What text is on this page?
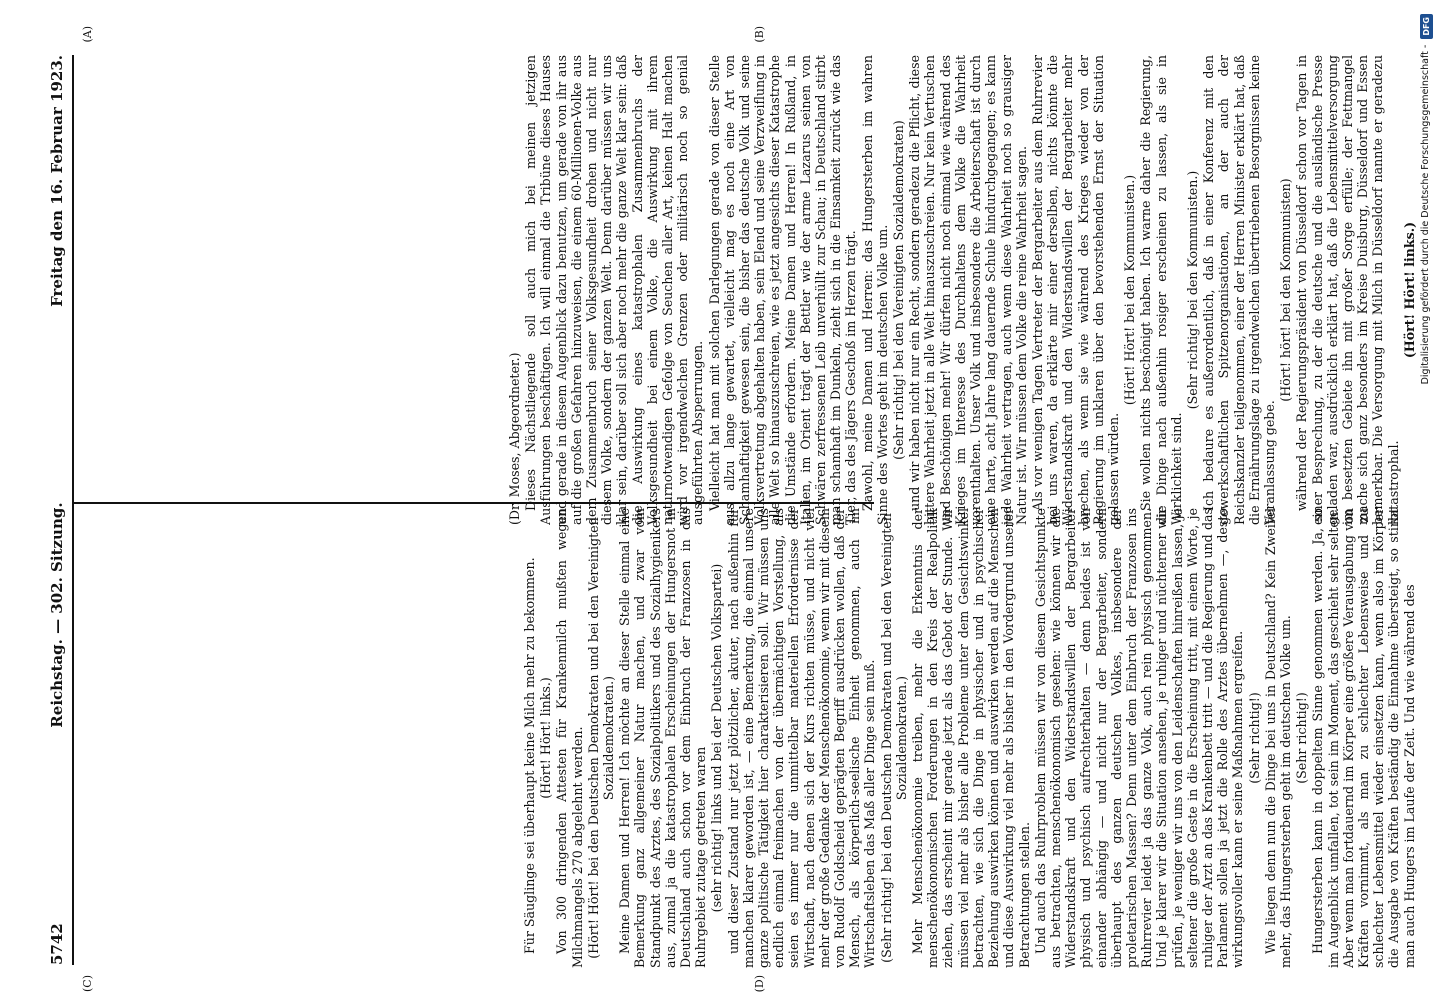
5742
Reichstag. — 302. Sitzung.
Freitag den 16. Februar 1923.
(A)	(B)
(C)	(D)

(Dr. Moses, Abgeordneter.) Dieses Nächstliegende soll auch mich bei meinen jetzigen Ausführungen beschäftigen. Ich will einmal die Tribüne dieses Hauses und gerade in diesem Augenblick dazu benutzen, um gerade von ihr aus auf die großen Gefahren hinzuweisen, die einem 60-Millionen-Volke aus dem Zusammenbruch seiner Volksgesundheit drohen und nicht nur diesem Volke, sondern der ganzen Welt. Denn darüber müssen wir uns klar sein, darüber soll sich aber noch mehr die ganze Welt klar sein: daß die Auswirkung eines katastrophalen Zusammenbruchs der Volksgesundheit bei einem Volke, die Auswirkung mit ihrem naturnotwendigen Gefolge von Seuchen aller Art, keinen Halt machen wird vor irgendwelchen Grenzen oder militärisch noch so genial ausgeführten Absperrungen. Vielleicht hat man mit solchen Darlegungen gerade von dieser Stelle aus allzu lange gewartet, vielleicht mag es noch eine Art von Schamhaftigkeit gewesen sein, die bisher das deutsche Volk und seine Volksvertretung abgehalten haben, sein Elend und seine Verzweiflung in alle Welt so hinauszuschreien, wie es jetzt angesichts dieser Katastrophe die Umstände erfordern. Meine Damen und Herren! In Rußland, in Italien, im Orient trägt der Bettler wie der arme Lazarus seinen von Schwären zerfressenen Leib unverhüllt zur Schau; in Deutschland stirbt man schamhaft im Dunkeln, zieht sich in die Einsamkeit zurück wie das Tier, das des Jägers Geschoß im Herzen trägt. Zawohl, meine Damen und Herren: das Hungersterben im wahren Sinne des Wortes geht im deutschen Volke um. (Sehr richtig! bei den Vereinigten Sozialdemokraten) und wir haben nicht nur ein Recht, sondern geradezu die Pflicht, diese bittere Wahrheit jetzt in alle Welt hinauszuschreien. Nur kein Vertuschen und Beschönigen mehr! Wir dürfen nicht noch einmal wie während des Krieges im Interesse des Durchhaltens dem Volke die Wahrheit vorenthalten. Unser Volk und insbesondere die Arbeiterschaft ist durch eine harte, acht Jahre lang dauernde Schule hindurchgegangen; es kann jede Wahrheit vertragen, auch wenn diese Wahrheit noch so grausiger Natur ist. Wir müssen dem Volke die reine Wahrheit sagen. Als vor wenigen Tagen Vertreter der Bergarbeiter aus dem Ruhrrevier bei uns waren, da erklärte mir einer derselben, nichts könnte die Widerstandskraft und den Widerstandswillen der Bergarbeiter mehr brechen, als wenn sie wie während des Krieges wieder von der Regierung im unklaren über den bevorstehenden Ernst der Situation gelassen würden.

(Hört! Hört! bei den Kommunisten.) Sie wollen nichts beschönigt haben. Ich warne daher die Regierung, die Dinge nach außenhin rosiger erscheinen zu lassen, als sie in Wirklichkeit sind.

(Sehr richtig! bei den Kommunisten.) Ich bedaure es außerordentlich, daß in einer Konferenz mit den gewerkschaftlichen Spitzenorganisationen, an der auch der Reichskanzler teilgenommen, einer der Herren Minister erklärt hat, daß die Ernährungslage zu irgendwelchen übertriebenen Besorgnissen keine Veranlassung gebe.

(Hört! hört! bei den Kommunisten) während der Regierungspräsident von Düsseldorf schon vor Tagen in einer Besprechung, zu der die deutsche und die ausländische Presse geladen war, ausdrücklich erklärt hat, daß die Lebensmittelversorgung im besetzten Gebiete ihn mit großer Sorge erfülle; der Fettmangel mache sich ganz besonders im Kreise Duisburg, Düsseldorf und Essen bemerkbar. Die Versorgung mit Milch in Düsseldorf nannte er geradezu katastrophal.

(Hört! Hört! links.)

Für Säuglinge sei überhaupt keine Milch mehr zu bekommen. (Hört! Hört! links.) Von 300 dringenden Attesten für Krankenmilch mußten wegen Milchmangels 270 abgelehnt werden. (Hört! Hört! bei den Deutschen Demokraten und bei den Vereinigten Sozialdemokraten.) Meine Damen und Herren! Ich möchte an dieser Stelle einmal eine Bemerkung ganz allgemeiner Natur machen, und zwar vom Standpunkt des Arztes, des Sozialpolitikers und des Sozialhygienikers aus, zumal ja die katastrophalen Erscheinungen der Hungersnot in Deutschland auch schon vor dem Einbruch der Franzosen in das Ruhrgebiet zutage getreten waren (sehr richtig! links und bei der Deutschen Volkspartei) und dieser Zustand nur jetzt plötzlicher, akuter, nach außenhin für manchen klarer geworden ist, — eine Bemerkung, die einmal unsere ganze politische Tätigkeit hier charakterisieren soll. Wir müssen uns endlich einmal freimachen von der übermächtigen Vorstellung, als seien es immer nur die unmittelbar materiellen Erfordernisse der Wirtschaft, nach denen sich der Kurs richten müsse, und nicht viel mehr der große Gedanke der Menschenökonomie, wenn wir mit diesem von Rudolf Goldscheid geprägten Begriff ausdrücken wollen, daß der Mensch, als körperlich-seelische Einheit genommen, auch im Wirtschaftsleben das Maß aller Dinge sein muß. (Sehr richtig! bei den Deutschen Demokraten und bei den Vereinigten Sozialdemokraten.) Mehr Menschenökonomie treiben, mehr die Erkenntnis der menschenökonomischen Forderungen in den Kreis der Realpolitik ziehen, das erscheint mir gerade jetzt als das Gebot der Stunde. Wir müssen viel mehr als bisher alle Probleme unter dem Gesichtswinkel betrachten, wie sich die Dinge in physischer und in psychischer Beziehung auswirken können und auswirken werden auf die Menschen und diese Auswirkung viel mehr als bisher in den Vordergrund unserer Betrachtungen stellen. Und auch das Ruhrproblem müssen wir von diesem Gesichtspunkte aus betrachten, menschenökonomisch gesehen: wie können wir die Widerstandskraft und den Widerstandswillen der Bergarbeiter physisch und psychisch aufrechterhalten — denn beides ist von einander abhängig — und nicht nur der Bergarbeiter, sondern überhaupt des ganzen deutschen Volkes, insbesondere der proletarischen Massen? Denn unter dem Einbruch der Franzosen ins Ruhrrevier leidet ja das ganze Volk, auch rein physisch genommen. Und je klarer wir die Situation ansehen, je ruhiger und nüchterner wir prüfen, je weniger wir uns von den Leidenschaften hinreißen lassen, je seltener die große Geste in die Erscheinung tritt, mit einem Worte, je ruhiger der Arzt an das Krankenbett tritt — und die Regierung und das Parlament sollen ja jetzt die Rolle des Arztes übernehmen —, desto wirkungsvoller kann er seine Maßnahmen ergreifen. (Sehr richtig!) Wie liegen denn nun die Dinge bei uns in Deutschland? Kein Zweifel mehr, das Hungersterben geht im deutschen Volke um. (Sehr richtig!) Hungersterben kann in doppeltem Sinne genommen werden. Ja, so im Augenblick umfallen, tot sein im Moment, das geschieht sehr selten. Aber wenn man fortdauernd im Körper eine größere Verausgabung von Kräften vornimmt, als man zu schlechter Lebensweise und zu schlechter Lebensmittel wieder einsetzen kann, wenn also im Körper die Ausgabe von Kräften beständig die Einnahme übersteigt, so stirbt man auch Hungers im Laufe der Zeit. Und wie während des

Digitalisierung gefördert durch die Deutsche Forschungsgemeinschaft -
DFG
